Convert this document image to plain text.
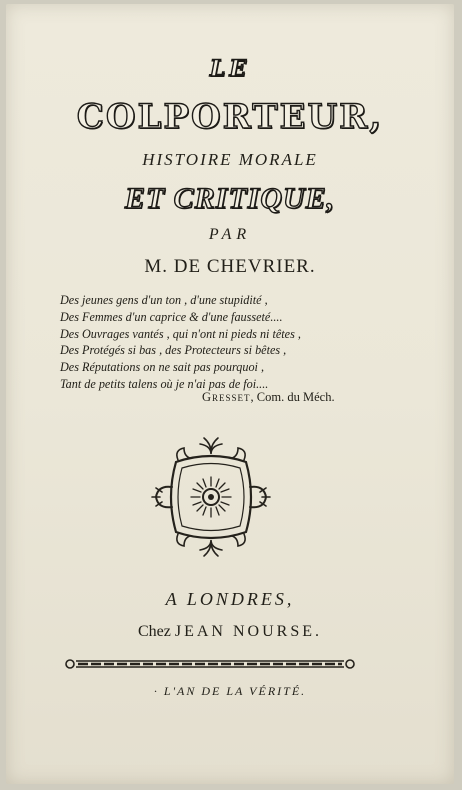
LE
COLPORTEUR,
HISTOIRE MORALE
ET CRITIQUE,
PAR
M. DE CHEVRIER.
Des jeunes gens d'un ton , d'une stupidité ,
Des Femmes d'un caprice & d'une fausseté....
Des Ouvrages vantés , qui n'ont ni pieds ni têtes ,
Des Protégés si bas , des Protecteurs si bêtes ,
Des Réputations on ne sait pas pourquoi ,
Tant de petits talens où je n'ai pas de foi....
Gresset, Com. du Méch.
A LONDRES,
Chez JEAN NOURSE.
· L'AN DE LA VÉRITÉ.
